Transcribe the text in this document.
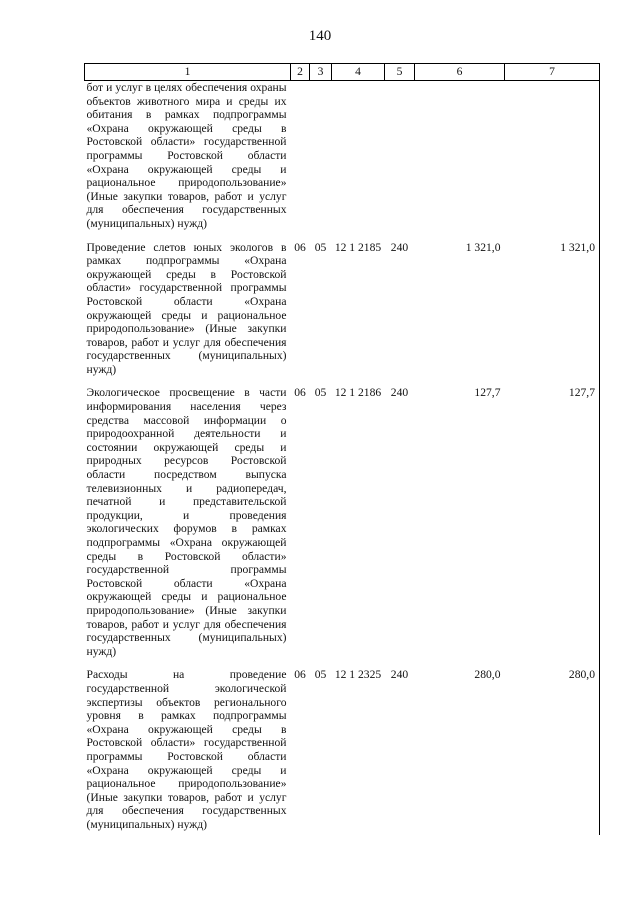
140
1	2	3	4	5	6	7
бот и услуг в целях обеспечения охраны объектов животного мира и среды их обитания в рамках подпрограммы «Охрана окружающей среды в Ростовской области» государственной программы Ростовской области «Охрана окружающей среды и рациональное природопользование» (Иные закупки товаров, работ и услуг для обеспечения государственных (муниципальных) нужд)						
Проведение слетов юных экологов в рамках подпрограммы «Охрана окружающей среды в Ростовской области» государственной программы Ростовской области «Охрана окружающей среды и рациональное природопользование» (Иные закупки товаров, работ и услуг для обеспечения государственных (муниципальных) нужд)	06	05	12 1 2185	240	1 321,0	1 321,0
Экологическое просвещение в части информирования населения через средства массовой информации о природоохранной деятельности и состоянии окружающей среды и природных ресурсов Ростовской области посредством выпуска телевизионных и радиопередач, печатной и представительской продукции, и проведения экологических форумов в рамках подпрограммы «Охрана окружающей среды в Ростовской области» государственной программы Ростовской области «Охрана окружающей среды и рациональное природопользование» (Иные закупки товаров, работ и услуг для обеспечения государственных (муниципальных) нужд)	06	05	12 1 2186	240	127,7	127,7
Расходы на проведение государственной экологической экспертизы объектов регионального уровня в рамках подпрограммы «Охрана окружающей среды в Ростовской области» государственной программы Ростовской области «Охрана окружающей среды и рациональное природопользование» (Иные закупки товаров, работ и услуг для обеспечения государственных (муниципальных) нужд)	06	05	12 1 2325	240	280,0	280,0
